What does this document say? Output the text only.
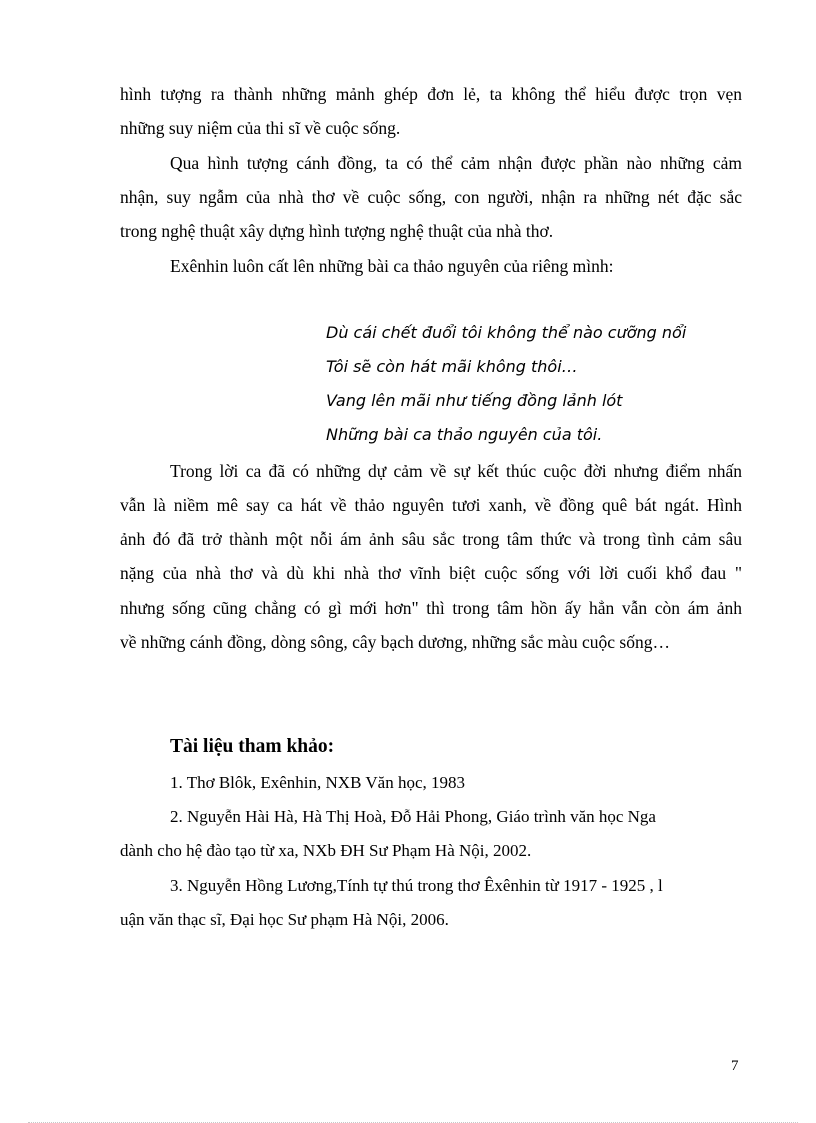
hình tượng ra thành những mảnh ghép đơn lẻ, ta không thể hiểu được trọn vẹn
những suy niệm của thi sĩ về cuộc sống.
Qua hình tượng cánh đồng, ta có thể cảm nhận được phần nào những cảm
nhận, suy ngẫm của nhà thơ về cuộc sống, con người, nhận ra những nét đặc sắc
trong nghệ thuật xây dựng hình tượng nghệ thuật của nhà thơ.
Exênhin luôn cất lên những bài ca thảo nguyên của riêng mình:
Dù cái chết đuổi tôi không thể nào cưỡng nổi
Tôi sẽ còn hát mãi không thôi…
Vang lên mãi như tiếng đồng lảnh lót
Những bài ca thảo nguyên của tôi.
Trong lời ca đã có những dự cảm về sự kết thúc cuộc đời nhưng điểm nhấn
vẫn là niềm mê say ca hát về thảo nguyên tươi xanh, về đồng quê bát ngát. Hình
ảnh đó đã trở thành một nỗi ám ảnh sâu sắc trong tâm thức và trong tình cảm sâu
nặng của nhà thơ và dù khi nhà thơ vĩnh biệt cuộc sống với lời cuối khổ đau "
nhưng sống cũng chẳng có gì mới hơn" thì trong tâm hồn ấy hẳn vẫn còn ám ảnh
về những cánh đồng, dòng sông, cây bạch dương, những sắc màu cuộc sống…
Tài liệu tham khảo:
1. Thơ Blôk, Exênhin, NXB Văn học, 1983
2. Nguyễn Hài Hà, Hà Thị Hoà, Đỗ Hải Phong, Giáo trình văn học Nga
dành cho hệ đào tạo từ xa, NXb ĐH Sư Phạm Hà Nội, 2002.
3. Nguyễn Hồng Lương,Tính tự thú trong thơ Êxênhin từ 1917 - 1925 , l
uận văn thạc sĩ, Đại học Sư phạm Hà Nội, 2006.
7
